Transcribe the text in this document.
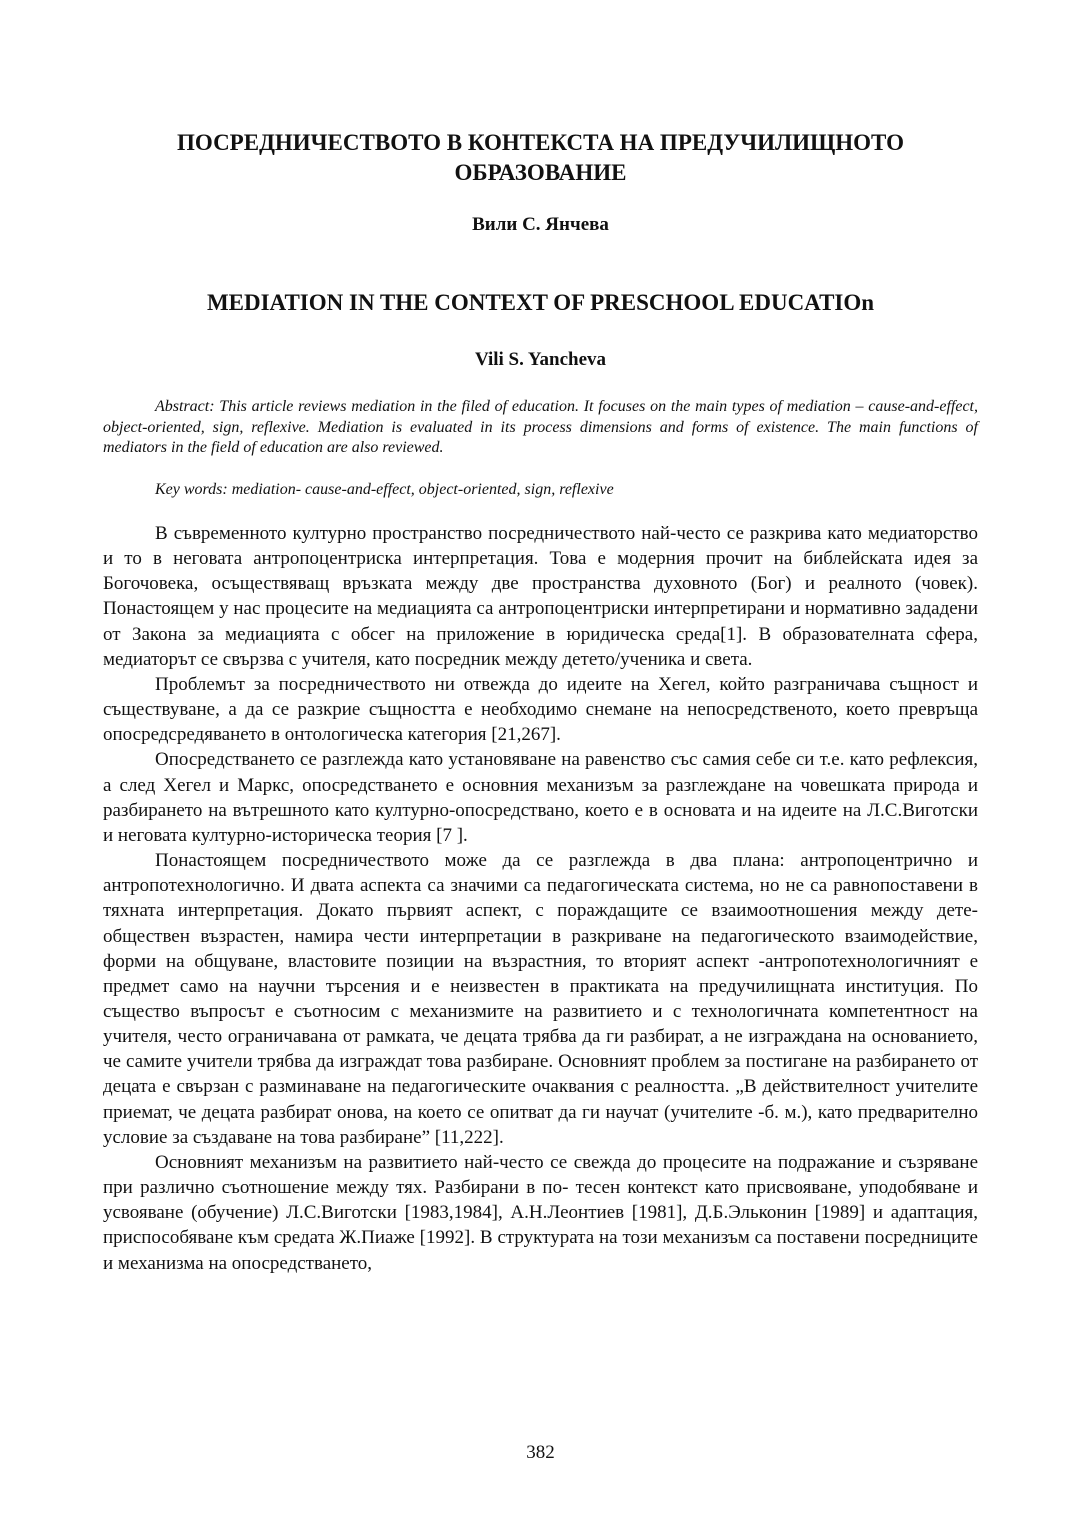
ПОСРЕДНИЧЕСТВОТО В КОНТЕКСТА НА ПРЕДУЧИЛИЩНОТО ОБРАЗОВАНИЕ
Вили С. Янчева
MEDIATION IN THE CONTEXT OF PRESCHOOL EDUCATIOn
Vili S. Yancheva

Abstract: This article reviews mediation in the filed of education. It focuses on the main types of mediation – cause-and-effect, object-oriented, sign, reflexive. Mediation is evaluated in its process dimensions and forms of existence. The main functions of mediators in the field of education are also reviewed.

Key words: mediation- cause-and-effect, object-oriented, sign, reflexive

В съвременното културно пространство посредничеството най-често се разкрива като медиаторство и то в неговата антропоцентриска интерпретация. Това е модерния прочит на библейската идея за Богочовека, осъществяващ връзката между две пространства духовното (Бог) и реалното (човек). Понастоящем у нас процесите на медиацията са антропоцентриски интерпретирани и нормативно зададени от Закона за медиацията с обсег на приложение в юридическа среда[1]. В образователната сфера, медиаторът се свързва с учителя, като посредник между детето/ученика и света.

Проблемът за посредничеството ни отвежда до идеите на Хегел, който разграничава същност и съществуване, а да се разкрие същността е необходимо снемане на непосредственото, което превръща опосредсредяването в онтологическа категория [21,267].

Опосредстването се разглежда като установяване на равенство със самия себе си т.е. като рефлексия, а след Хегел и Маркс, опосредстването е основния механизъм за разглеждане на човешката природа и разбирането на вътрешното като културно-опосредствано, което е в основата и на идеите на Л.С.Виготски и неговата културно-историческа теория [7 ].

Понастоящем посредничеството може да се разглежда в два плана: антропоцентрично и антропотехнологично. И двата аспекта са значими са педагогическата система, но не са равнопоставени в тяхната интерпретация. Докато първият аспект, с пораждащите се взаимоотношения между дете- обществен възрастен, намира чести интерпретации в разкриване на педагогическото взаимодействие, форми на общуване, властовите позиции на възрастния, то вторият аспект -антропотехнологичният е предмет само на научни търсения и е неизвестен в практиката на предучилищната институция. По същество въпросът е съотносим с механизмите на развитието и с технологичната компетентност на учителя, често ограничавана от рамката, че децата трябва да ги разбират, а не изграждана на основанието, че самите учители трябва да изграждат това разбиране. Основният проблем за постигане на разбирането от децата е свързан с разминаване на педагогическите очаквания с реалността. „В действителност учителите приемат, че децата разбират онова, на което се опитват да ги научат (учителите -б. м.), като предварително условие за създаване на това разбиране” [11,222].

Основният механизъм на развитието най-често се свежда до процесите на подражание и съзряване при различно съотношение между тях. Разбирани в по- тесен контекст като присвояване, уподобяване и усвояване (обучение) Л.С.Виготски [1983,1984], А.Н.Леонтиев [1981], Д.Б.Эльконин [1989] и адаптация, приспособяване към средата Ж.Пиаже [1992]. В структурата на този механизъм са поставени посредниците и механизма на опосредстването,

382
